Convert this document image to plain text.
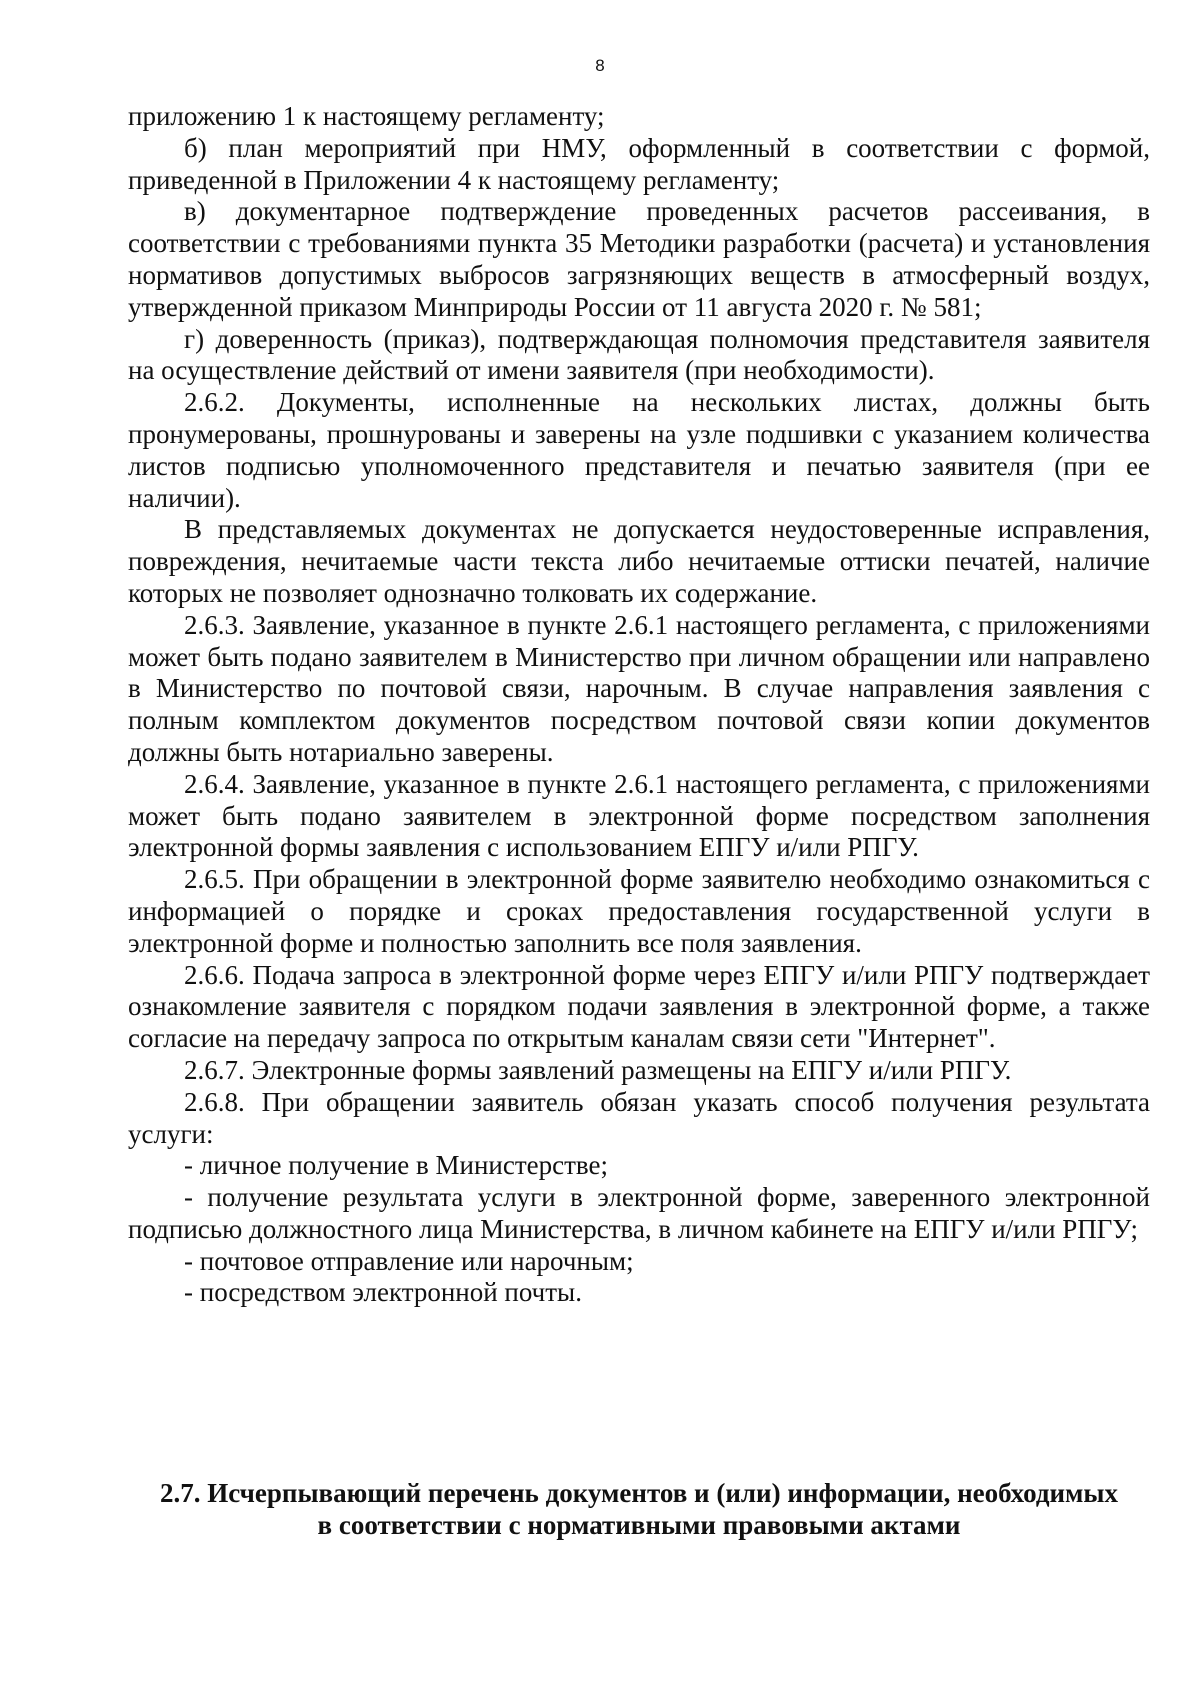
8

приложению 1 к настоящему регламенту;

б) план мероприятий при НМУ, оформленный в соответствии с формой, приведенной в Приложении 4 к настоящему регламенту;

в) документарное подтверждение проведенных расчетов рассеивания, в соответствии с требованиями пункта 35 Методики разработки (расчета) и установления нормативов допустимых выбросов загрязняющих веществ в атмосферный воздух, утвержденной приказом Минприроды России от 11 августа 2020 г. № 581;

г) доверенность (приказ), подтверждающая полномочия представителя заявителя на осуществление действий от имени заявителя (при необходимости).

2.6.2. Документы, исполненные на нескольких листах, должны быть пронумерованы, прошнурованы и заверены на узле подшивки с указанием количества листов подписью уполномоченного представителя и печатью заявителя (при ее наличии).

В представляемых документах не допускается неудостоверенные исправления, повреждения, нечитаемые части текста либо нечитаемые оттиски печатей, наличие которых не позволяет однозначно толковать их содержание.

2.6.3. Заявление, указанное в пункте 2.6.1 настоящего регламента, с приложениями может быть подано заявителем в Министерство при личном обращении или направлено в Министерство по почтовой связи, нарочным. В случае направления заявления с полным комплектом документов посредством почтовой связи копии документов должны быть нотариально заверены.

2.6.4. Заявление, указанное в пункте 2.6.1 настоящего регламента, с приложениями может быть подано заявителем в электронной форме посредством заполнения электронной формы заявления с использованием ЕПГУ и/или РПГУ.

2.6.5. При обращении в электронной форме заявителю необходимо ознакомиться с информацией о порядке и сроках предоставления государственной услуги в электронной форме и полностью заполнить все поля заявления.

2.6.6. Подача запроса в электронной форме через ЕПГУ и/или РПГУ подтверждает ознакомление заявителя с порядком подачи заявления в электронной форме, а также согласие на передачу запроса по открытым каналам связи сети "Интернет".

2.6.7. Электронные формы заявлений размещены на ЕПГУ и/или РПГУ.

2.6.8. При обращении заявитель обязан указать способ получения результата услуги:

- личное получение в Министерстве;

- получение результата услуги в электронной форме, заверенного электронной подписью должностного лица Министерства, в личном кабинете на ЕПГУ и/или РПГУ;

- почтовое отправление или нарочным;

- посредством электронной почты.

2.7. Исчерпывающий перечень документов и (или) информации, необходимых
в соответствии с нормативными правовыми актами
